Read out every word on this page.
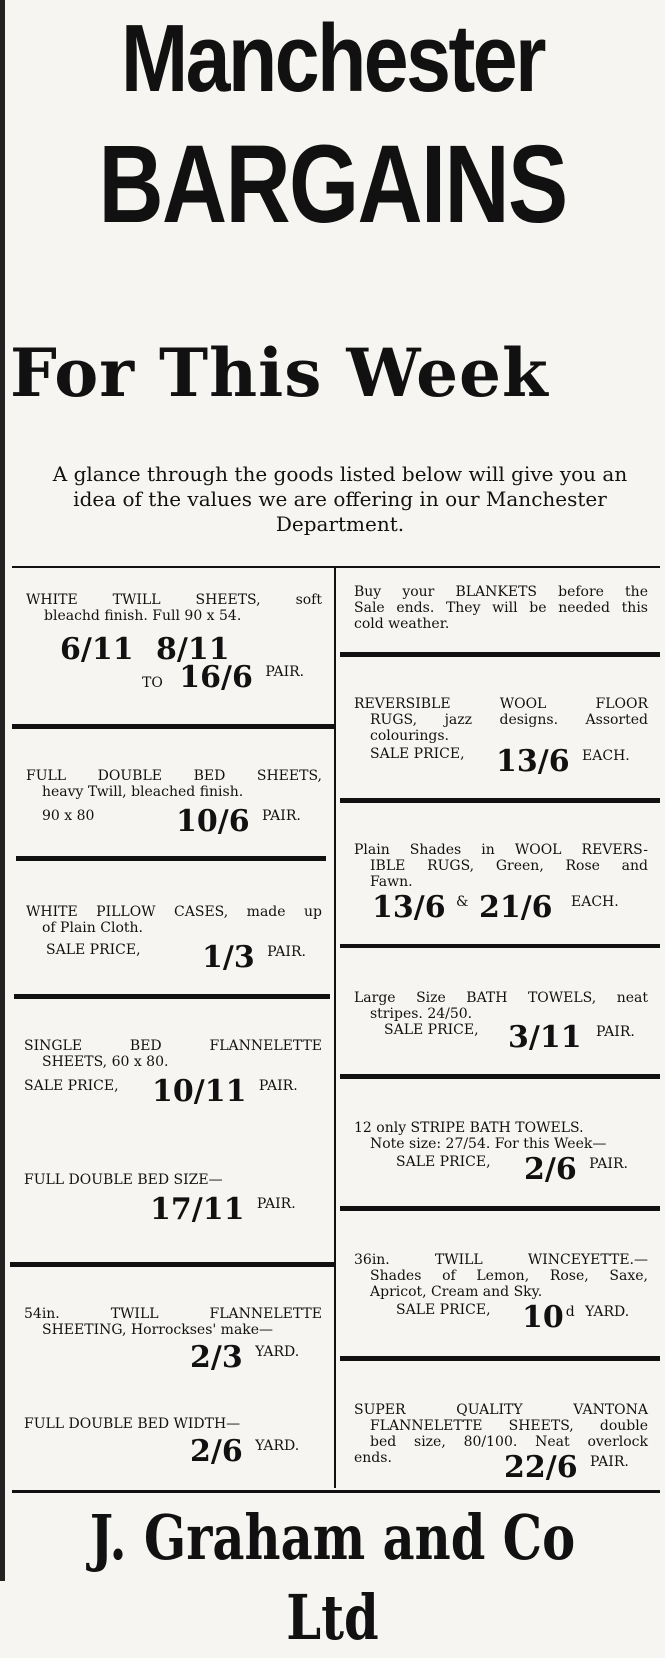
Manchester
BARGAINS
For This Week
A glance through the goods listed below will give you an idea of the values we are offering in our Manchester Department.
WHITE TWILL SHEETS, soft
bleachd finish. Full 90 x 54.
6/11 8/11
TO 16/6 PAIR.
FULL DOUBLE BED SHEETS,
heavy Twill, bleached finish.
90 x 80	10/6 PAIR.
WHITE PILLOW CASES, made up
of Plain Cloth.
SALE PRICE, 1/3 PAIR.
SINGLE BED FLANNELETTE
SHEETS, 60 x 80.
SALE PRICE, 10/11 PAIR.
FULL DOUBLE BED SIZE—
17/11 PAIR.
54in. TWILL FLANNELETTE
SHEETING, Horrockses' make—
2/3 YARD.
FULL DOUBLE BED WIDTH—
2/6 YARD.
Buy your BLANKETS before the
Sale ends. They will be needed this
cold weather.
REVERSIBLE WOOL FLOOR
RUGS, jazz designs. Assorted
colourings.
SALE PRICE, 13/6 EACH.
Plain Shades in WOOL REVERS-
IBLE RUGS, Green, Rose and
Fawn.
13/6 & 21/6 EACH.
Large Size BATH TOWELS, neat
stripes. 24/50.
SALE PRICE, 3/11 PAIR.
12 only STRIPE BATH TOWELS.
Note size: 27/54. For this Week—
SALE PRICE, 2/6 PAIR.
36in. TWILL WINCEYETTE.—
Shades of Lemon, Rose, Saxe,
Apricot, Cream and Sky.
SALE PRICE, 10 d YARD.
SUPER QUALITY VANTONA
FLANNELETTE SHEETS, double
bed size, 80/100. Neat overlock
ends.	22/6 PAIR.
J. Graham and Co Ltd
